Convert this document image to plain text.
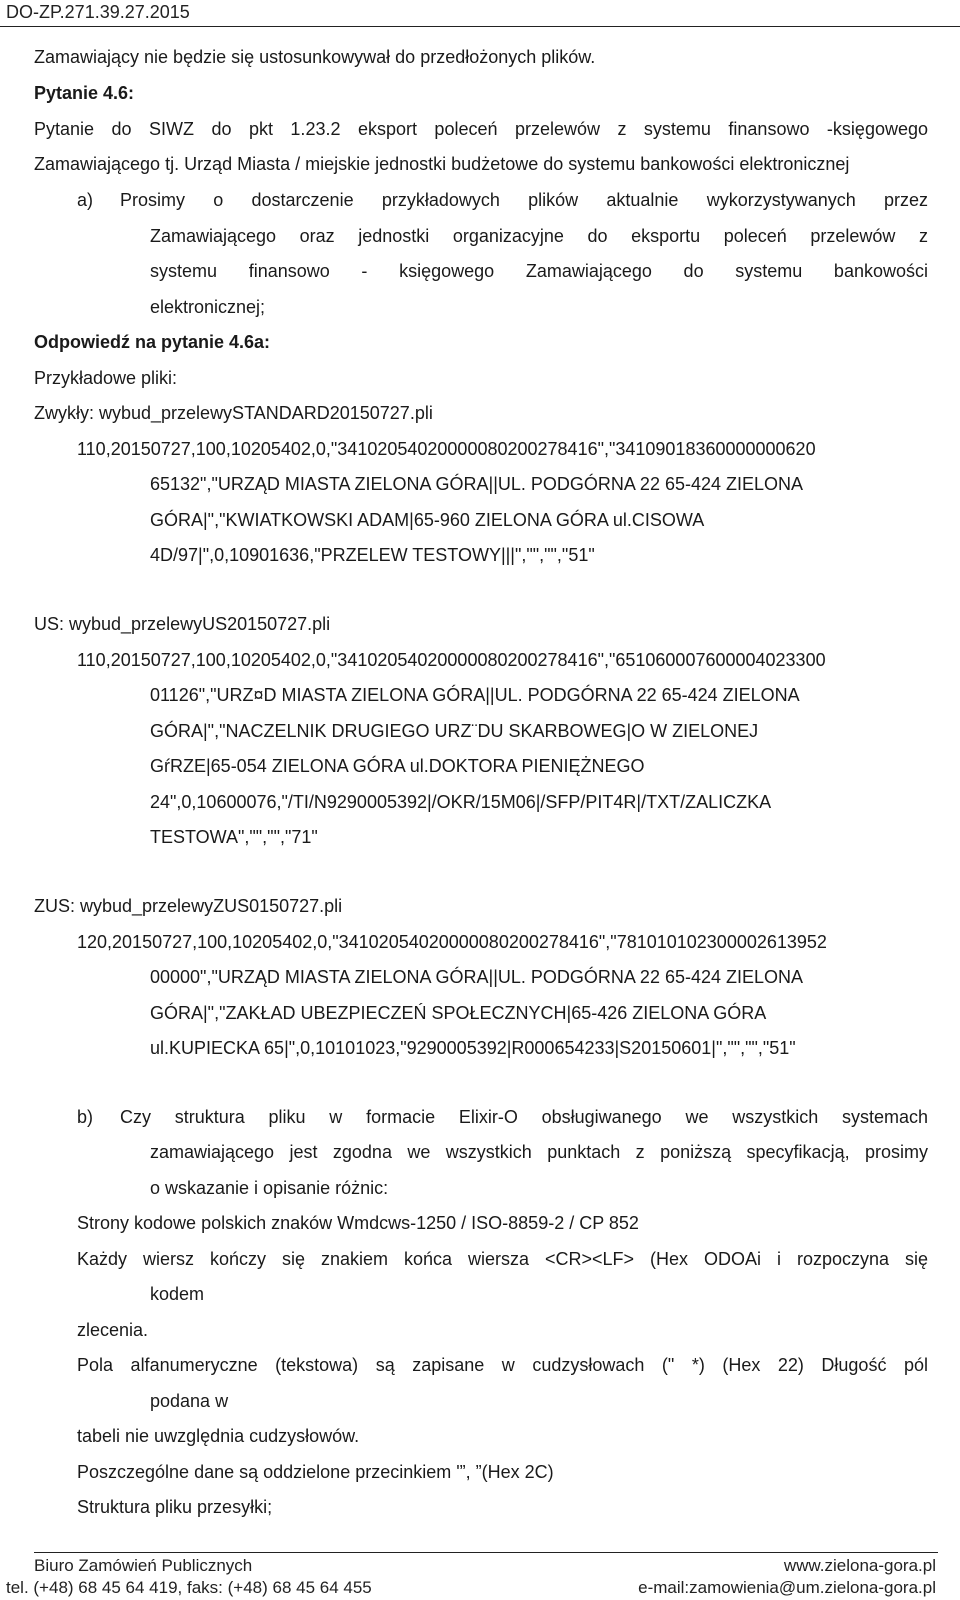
DO-ZP.271.39.27.2015
Zamawiający nie będzie się ustosunkowywał do przedłożonych plików.
Pytanie 4.6:
Pytanie do SIWZ do pkt 1.23.2 eksport poleceń przelewów z systemu finansowo -księgowego
Zamawiającego tj. Urząd Miasta / miejskie jednostki budżetowe do systemu bankowości elektronicznej
a) Prosimy o dostarczenie przykładowych plików aktualnie wykorzystywanych przez
Zamawiającego oraz jednostki organizacyjne do eksportu poleceń przelewów z
systemu finansowo - księgowego Zamawiającego do systemu bankowości
elektronicznej;
Odpowiedź na pytanie 4.6a:
Przykładowe pliki:
Zwykły: wybud_przelewySTANDARD20150727.pli
110,20150727,100,10205402,0,"34102054020000080200278416","34109018360000000620
65132","URZĄD MIASTA ZIELONA GÓRA||UL. PODGÓRNA 22 65-424 ZIELONA
GÓRA|","KWIATKOWSKI ADAM|65-960 ZIELONA GÓRA ul.CISOWA
4D/97|",0,10901636,"PRZELEW TESTOWY|||","","","51"
US: wybud_przelewyUS20150727.pli
110,20150727,100,10205402,0,"34102054020000080200278416","651060007600004023300
01126","URZ¤D MIASTA ZIELONA GÓRA||UL. PODGÓRNA 22 65-424 ZIELONA
GÓRA|","NACZELNIK DRUGIEGO URZ¨DU SKARBOWEG|O W ZIELONEJ
GŕRZE|65-054 ZIELONA GÓRA ul.DOKTORA PIENIĘŻNEGO
24",0,10600076,"/TI/N9290005392|/OKR/15M06|/SFP/PIT4R|/TXT/ZALICZKA
TESTOWA","","","71"
ZUS: wybud_przelewyZUS0150727.pli
120,20150727,100,10205402,0,"34102054020000080200278416","781010102300002613952
00000","URZĄD MIASTA ZIELONA GÓRA||UL. PODGÓRNA 22 65-424 ZIELONA
GÓRA|","ZAKŁAD UBEZPIECZEŃ SPOŁECZNYCH|65-426 ZIELONA GÓRA
ul.KUPIECKA 65|",0,10101023,"9290005392|R000654233|S20150601|","","","51"
b) Czy struktura pliku w formacie Elixir-O obsługiwanego we wszystkich systemach
zamawiającego jest zgodna we wszystkich punktach z poniższą specyfikacją, prosimy
o wskazanie i opisanie różnic:
Strony kodowe polskich znaków Wmdcws-1250 / ISO-8859-2 / CP 852
Każdy wiersz kończy się znakiem końca wiersza <CR><LF> (Hex ODOAi i rozpoczyna się
kodem
zlecenia.
Pola alfanumeryczne (tekstowa) są zapisane w cudzysłowach (" *) (Hex 22) Długość pól
podana w
tabeli nie uwzględnia cudzysłowów.
Poszczególne dane są oddzielone przecinkiem '”, ”(Hex 2C)
Struktura pliku przesyłki;
Biuro Zamówień Publicznych	www.zielona-gora.pl
tel. (+48) 68 45 64 419, faks: (+48) 68 45 64 455	e-mail:zamowienia@um.zielona-gora.pl
